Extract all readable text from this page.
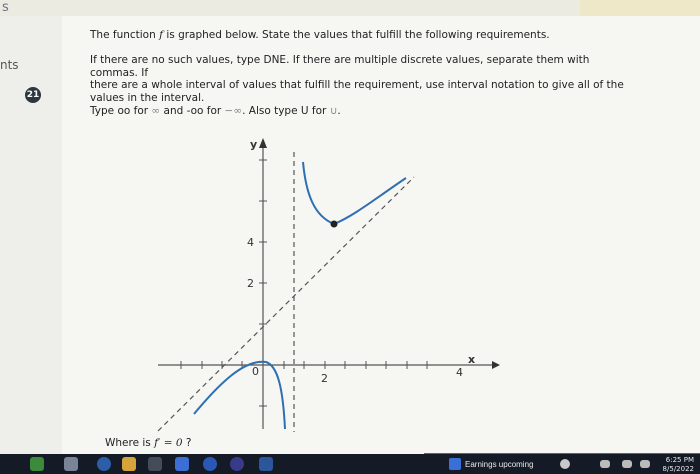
s
nts
21
The function f is graphed below. State the values that fulfill the following requirements.
If there are no such values, type DNE. If there are multiple discrete values, separate them with commas. If
there are a whole interval of values that fulfill the requirement, use interval notation to give all of the
values in the interval.
Type oo for ∞ and -oo for −∞. Also type U for ∪.
y
x
0
2	4
2
4
Where is f′ = 0 ?
Earnings upcoming	6:25 PM
8/5/2022
